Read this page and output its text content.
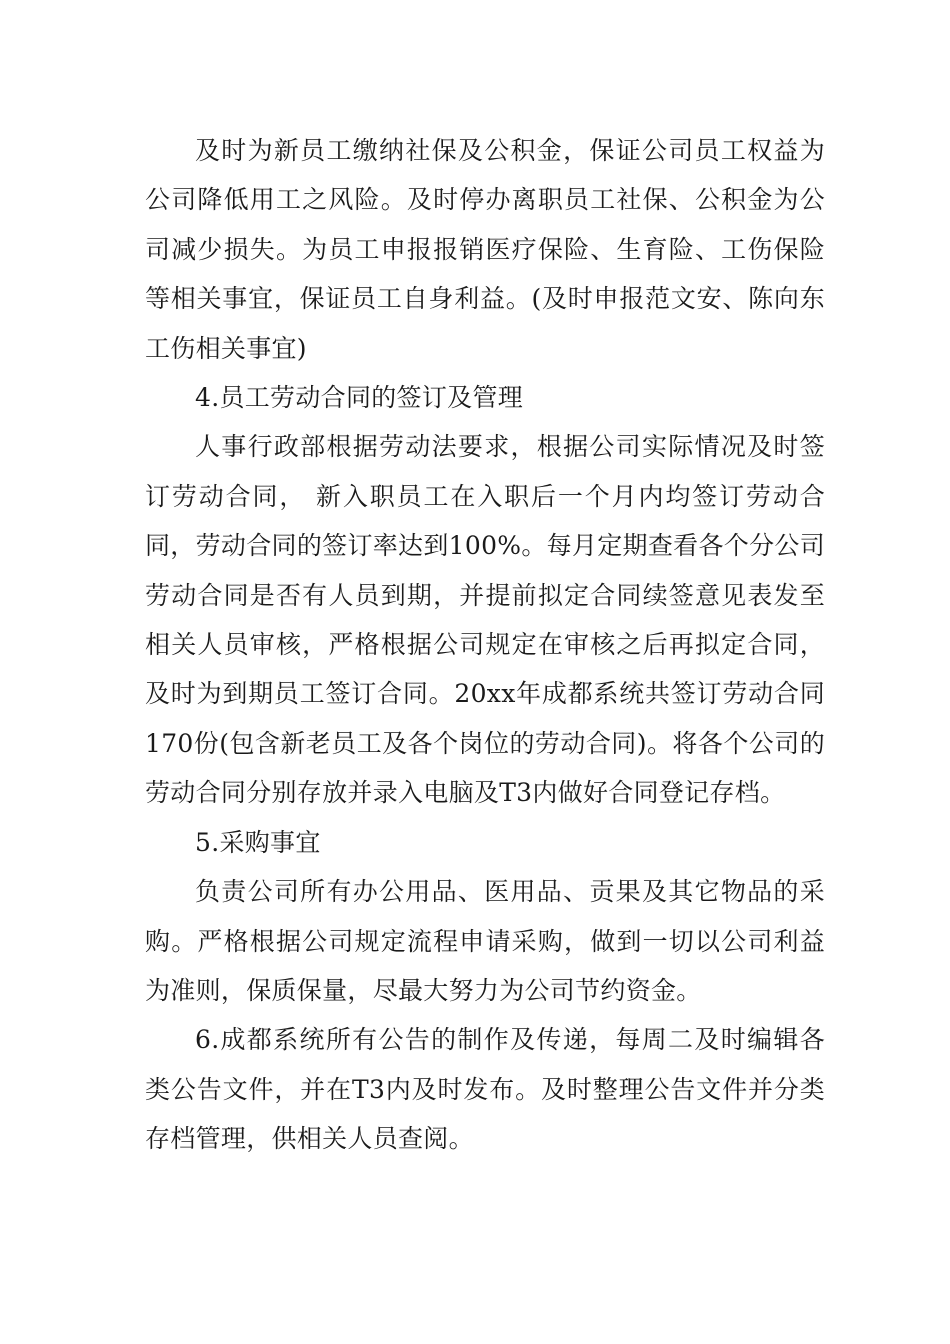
及时为新员工缴纳社保及公积金，保证公司员工权益为公司降低用工之风险。及时停办离职员工社保、公积金为公司减少损失。为员工申报报销医疗保险、生育险、工伤保险等相关事宜，保证员工自身利益。(及时申报范文安、陈向东工伤相关事宜)

4.员工劳动合同的签订及管理

人事行政部根据劳动法要求，根据公司实际情况及时签订劳动合同， 新入职员工在入职后一个月内均签订劳动合同，劳动合同的签订率达到100%。每月定期查看各个分公司劳动合同是否有人员到期，并提前拟定合同续签意见表发至相关人员审核，严格根据公司规定在审核之后再拟定合同，及时为到期员工签订合同。20xx年成都系统共签订劳动合同170份(包含新老员工及各个岗位的劳动合同)。将各个公司的劳动合同分别存放并录入电脑及T3内做好合同登记存档。

5.采购事宜

负责公司所有办公用品、医用品、贡果及其它物品的采购。严格根据公司规定流程申请采购，做到一切以公司利益为准则，保质保量，尽最大努力为公司节约资金。

6.成都系统所有公告的制作及传递，每周二及时编辑各类公告文件，并在T3内及时发布。及时整理公告文件并分类存档管理，供相关人员查阅。
